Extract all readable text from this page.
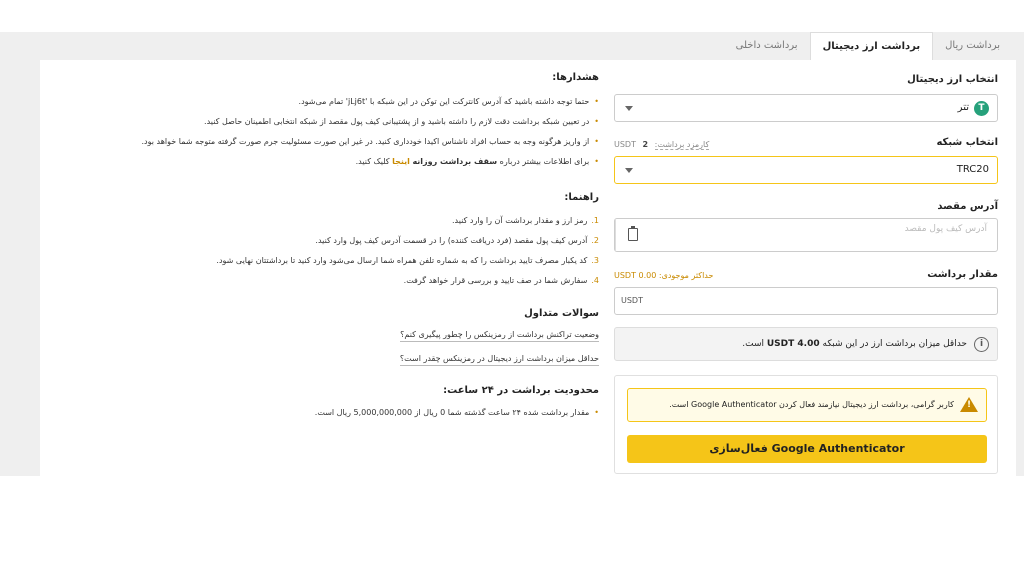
برداشت ریال
برداشت ارز دیجیتال
برداشت داخلی
انتخاب ارز دیجیتال
T
تتر
انتخاب شبکه
کارمزد برداشت: 2 USDT
TRC20
آدرس مقصد
آدرس کیف پول مقصد
مقدار برداشت
حداکثر موجودی: 0.00 USDT
USDT
i
حداقل میزان برداشت ارز در این شبکه USDT 4.00 است.
!
کاربر گرامی، برداشت ارز دیجیتال نیازمند فعال کردن Google Authenticator است.
فعال‌سازی Google Authenticator
هشدارها:
•حتما توجه داشته باشید که آدرس کانترکت این توکن در این شبکه با 'jLj6t' تمام می‌شود.
•در تعیین شبکه برداشت دقت لازم را داشته باشید و از پشتیبانی کیف پول مقصد از شبکه انتخابی اطمینان حاصل کنید.
•از واریز هرگونه وجه به حساب افراد ناشناس اکیدا خودداری کنید. در غیر این صورت مسئولیت جرم صورت گرفته متوجه شما خواهد بود.
•برای اطلاعات بیشتر درباره سقف برداشت روزانه اینجا کلیک کنید.
راهنما:
1.رمز ارز و مقدار برداشت آن را وارد کنید.
2.آدرس کیف پول مقصد (فرد دریافت کننده) را در قسمت آدرس کیف پول وارد کنید.
3.کد یکبار مصرف تایید برداشت را که به شماره تلفن همراه شما ارسال می‌شود وارد کنید تا برداشتتان نهایی شود.
4.سفارش شما در صف تایید و بررسی قرار خواهد گرفت.
سوالات متداول
وضعیت تراکنش برداشت از رمزینکس را چطور پیگیری کنم؟
حداقل میزان برداشت ارز دیجیتال در رمزینکس چقدر است؟
محدودیت برداشت در ۲۴ ساعت:
•مقدار برداشت شده ۲۴ ساعت گذشته شما 0 ریال از 5,000,000,000 ریال است.
